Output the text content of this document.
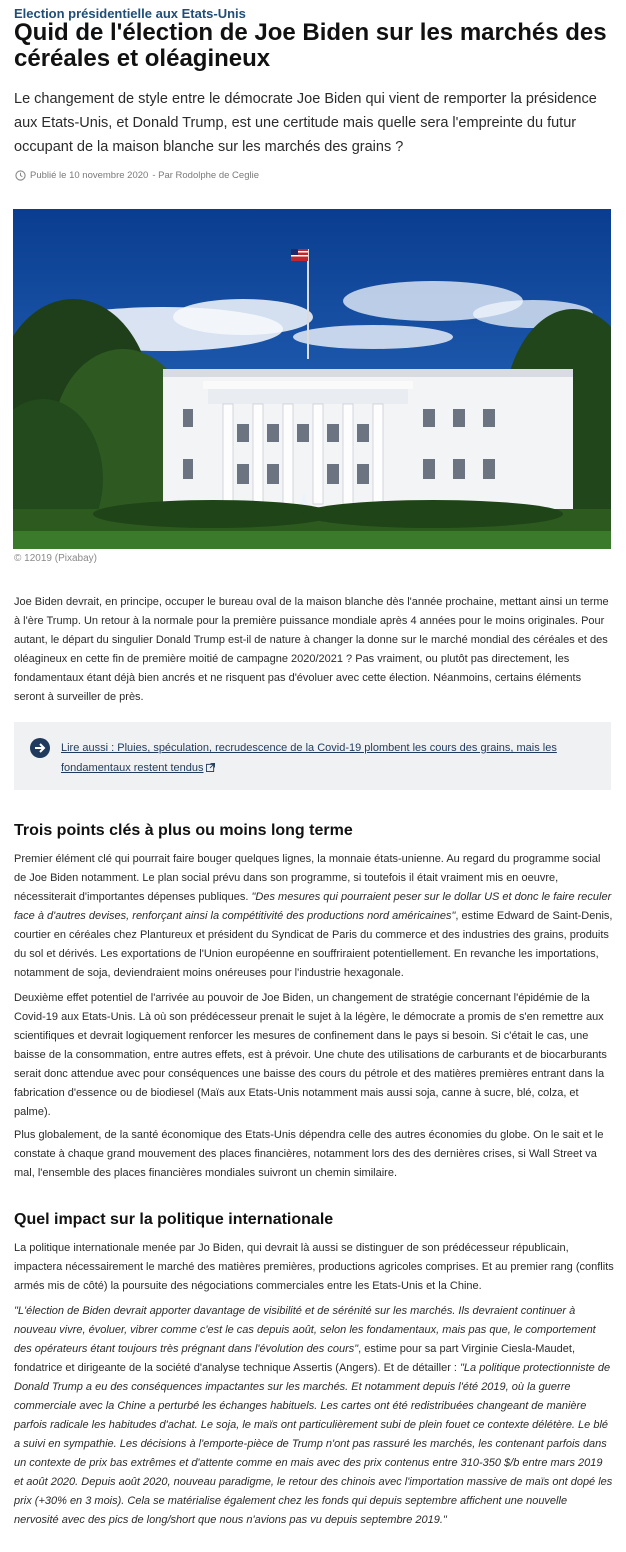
Election présidentielle aux Etats-Unis
Quid de l'élection de Joe Biden sur les marchés des céréales et oléagineux

Le changement de style entre le démocrate Joe Biden qui vient de remporter la présidence aux Etats-Unis, et Donald Trump, est une certitude mais quelle sera l'empreinte du futur occupant de la maison blanche sur les marchés des grains ?

Publié le 10 novembre 2020 - Par Rodolphe de Ceglie
© 12019 (Pixabay)

Joe Biden devrait, en principe, occuper le bureau oval de la maison blanche dès l'année prochaine, mettant ainsi un terme à l'ère Trump. Un retour à la normale pour la première puissance mondiale après 4 années pour le moins originales. Pour autant, le départ du singulier Donald Trump est-il de nature à changer la donne sur le marché mondial des céréales et des oléagineux en cette fin de première moitié de campagne 2020/2021 ? Pas vraiment, ou plutôt pas directement, les fondamentaux étant déjà bien ancrés et ne risquent pas d'évoluer avec cette élection. Néanmoins, certains éléments seront à surveiller de près.

Lire aussi : Pluies, spéculation, recrudescence de la Covid-19 plombent les cours des grains, mais les fondamentaux restent tendus
Trois points clés à plus ou moins long terme

Premier élément clé qui pourrait faire bouger quelques lignes, la monnaie états-unienne. Au regard du programme social de Joe Biden notamment. Le plan social prévu dans son programme, si toutefois il était vraiment mis en oeuvre, nécessiterait d'importantes dépenses publiques. "Des mesures qui pourraient peser sur le dollar US et donc le faire reculer face à d'autres devises, renforçant ainsi la compétitivité des productions nord américaines", estime Edward de Saint-Denis, courtier en céréales chez Plantureux et président du Syndicat de Paris du commerce et des industries des grains, produits du sol et dérivés. Les exportations de l'Union européenne en souffriraient potentiellement. En revanche les importations, notamment de soja, deviendraient moins onéreuses pour l'industrie hexagonale.

Deuxième effet potentiel de l'arrivée au pouvoir de Joe Biden, un changement de stratégie concernant l'épidémie de la Covid-19 aux Etats-Unis. Là où son prédécesseur prenait le sujet à la légère, le démocrate a promis de s'en remettre aux scientifiques et devrait logiquement renforcer les mesures de confinement dans le pays si besoin. Si c'était le cas, une baisse de la consommation, entre autres effets, est à prévoir. Une chute des utilisations de carburants et de biocarburants serait donc attendue avec pour conséquences une baisse des cours du pétrole et des matières premières entrant dans la fabrication d'essence ou de biodiesel (Maïs aux Etats-Unis notamment mais aussi soja, canne à sucre, blé, colza, et palme).

Plus globalement, de la santé économique des Etats-Unis dépendra celle des autres économies du globe. On le sait et le constate à chaque grand mouvement des places financières, notamment lors des des dernières crises, si Wall Street va mal, l'ensemble des places financières mondiales suivront un chemin similaire.

Quel impact sur la politique internationale

La politique internationale menée par Jo Biden, qui devrait là aussi se distinguer de son prédécesseur républicain, impactera nécessairement le marché des matières premières, productions agricoles comprises. Et au premier rang (conflits armés mis de côté) la poursuite des négociations commerciales entre les Etats-Unis et la Chine.

"L'élection de Biden devrait apporter davantage de visibilité et de sérénité sur les marchés. Ils devraient continuer à nouveau vivre, évoluer, vibrer comme c'est le cas depuis août, selon les fondamentaux, mais pas que, le comportement des opérateurs étant toujours très prégnant dans l'évolution des cours", estime pour sa part Virginie Ciesla-Maudet, fondatrice et dirigeante de la société d'analyse technique Assertis (Angers). Et de détailler : "La politique protectionniste de Donald Trump a eu des conséquences impactantes sur les marchés. Et notamment depuis l'été 2019, où la guerre commerciale avec la Chine a perturbé les échanges habituels. Les cartes ont été redistribuées changeant de manière parfois radicale les habitudes d'achat. Le soja, le maïs ont particulièrement subi de plein fouet ce contexte délétère. Le blé a suivi en sympathie. Les décisions à l'emporte-pièce de Trump n'ont pas rassuré les marchés, les contenant parfois dans un contexte de prix bas extrêmes et d'attente comme en mais avec des prix contenus entre 310-350 $/b entre mars 2019 et août 2020. Depuis août 2020, nouveau paradigme, le retour des chinois avec l'importation massive de maïs ont dopé les prix (+30% en 3 mois). Cela se matérialise également chez les fonds qui depuis septembre affichent une nouvelle nervosité avec des pics de long/short que nous n'avions pas vu depuis septembre 2019."
